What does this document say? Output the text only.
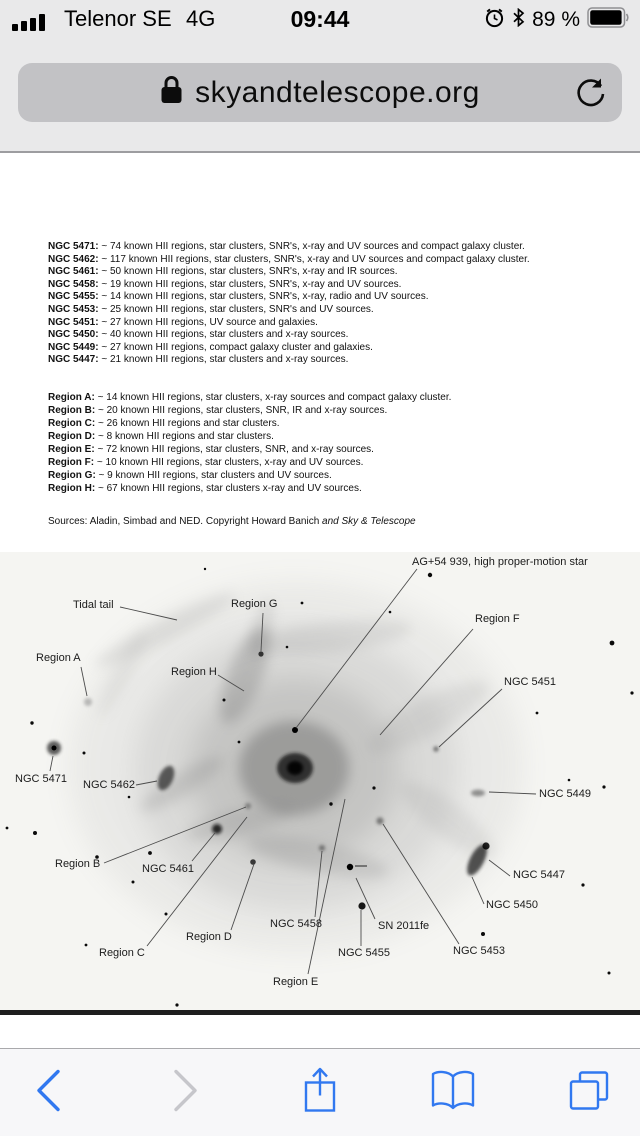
Telenor SE 4G	09:44	89 %
skyandtelescope.org
NGC 5471: ~ 74 known HII regions, star clusters, SNR's, x-ray and UV sources and compact galaxy cluster.
NGC 5462: ~ 117 known HII regions, star clusters, SNR's, x-ray and UV sources and compact galaxy cluster.
NGC 5461: ~ 50 known HII regions, star clusters, SNR's, x-ray and IR sources.
NGC 5458: ~ 19 known HII regions, star clusters, SNR's, x-ray and UV sources.
NGC 5455: ~ 14 known HII regions, star clusters, SNR's, x-ray, radio and UV sources.
NGC 5453: ~ 25 known HII regions, star clusters, SNR's and UV sources.
NGC 5451: ~ 27 known HII regions, UV source and galaxies.
NGC 5450: ~ 40 known HII regions, star clusters and x-ray sources.
NGC 5449: ~ 27 known HII regions, compact galaxy cluster and galaxies.
NGC 5447: ~ 21 known HII regions, star clusters and x-ray sources.
Region A: ~ 14 known HII regions, star clusters, x-ray sources and compact galaxy cluster.
Region B: ~ 20 known HII regions, star clusters, SNR, IR and x-ray sources.
Region C: ~ 26 known HII regions and star clusters.
Region D: ~ 8 known HII regions and star clusters.
Region E: ~ 72 known HII regions, star clusters, SNR, and x-ray sources.
Region F: ~ 10 known HII regions, star clusters, x-ray and UV sources.
Region G: ~ 9 known HII regions, star clusters and UV sources.
Region H: ~ 67 known HII regions, star clusters x-ray and UV sources.
Sources: Aladin, Simbad and NED. Copyright Howard Banich and Sky & Telescope
AG+54 939, high proper-motion star
Tidal tail	Region G
Region F
Region A
Region H
NGC 5451
NGC 5471 NGC 5462
NGC 5449
Region B	NGC 5461	NGC 5447
NGC 5450
NGC 5458	SN 2011fe
Region D
NGC 5455	NGC 5453
Region C
Region E
